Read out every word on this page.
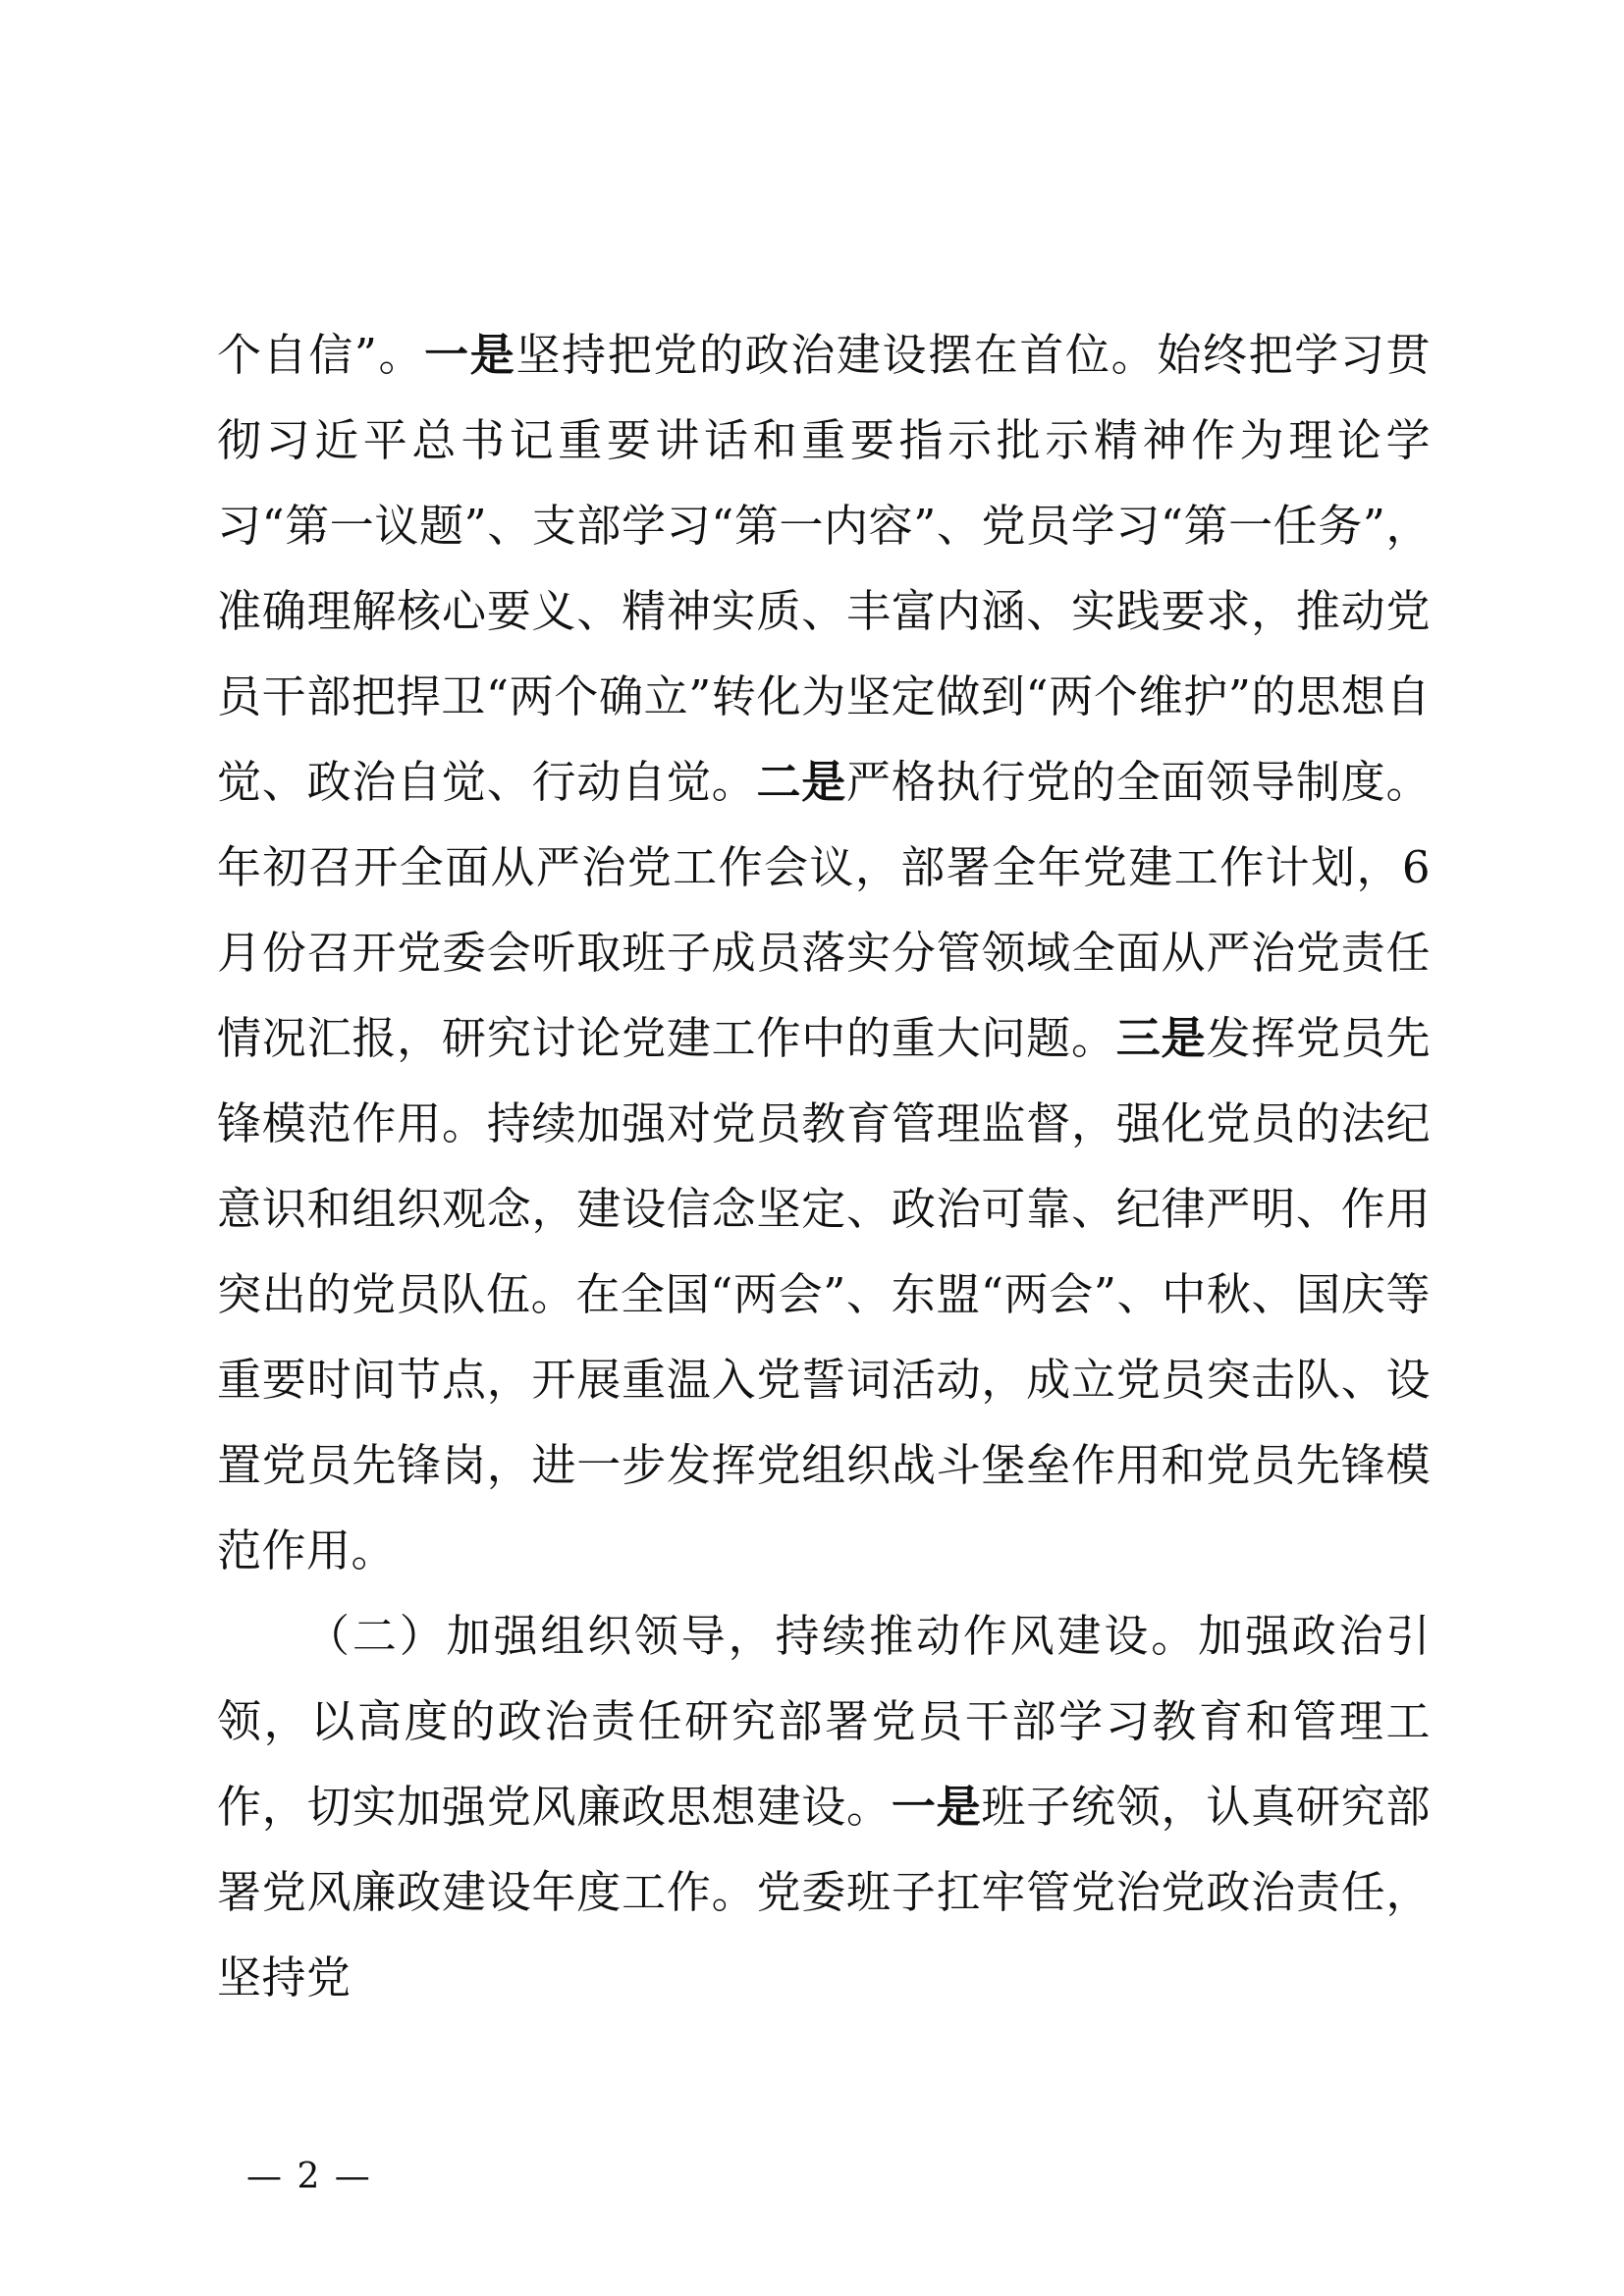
个自信”。一是坚持把党的政治建设摆在首位。始终把学习贯彻习近平总书记重要讲话和重要指示批示精神作为理论学习“第一议题”、支部学习“第一内容”、党员学习“第一任务”，准确理解核心要义、精神实质、丰富内涵、实践要求，推动党员干部把捍卫“两个确立”转化为坚定做到“两个维护”的思想自觉、政治自觉、行动自觉。二是严格执行党的全面领导制度。年初召开全面从严治党工作会议，部署全年党建工作计划，6月份召开党委会听取班子成员落实分管领域全面从严治党责任情况汇报，研究讨论党建工作中的重大问题。三是发挥党员先锋模范作用。持续加强对党员教育管理监督，强化党员的法纪意识和组织观念，建设信念坚定、政治可靠、纪律严明、作用突出的党员队伍。在全国“两会”、东盟“两会”、中秋、国庆等重要时间节点，开展重温入党誓词活动，成立党员突击队、设置党员先锋岗，进一步发挥党组织战斗堡垒作用和党员先锋模范作用。

（二）加强组织领导，持续推动作风建设。加强政治引领，以高度的政治责任研究部署党员干部学习教育和管理工作，切实加强党风廉政思想建设。一是班子统领，认真研究部署党风廉政建设年度工作。党委班子扛牢管党治党政治责任，坚持党

— 2 —
